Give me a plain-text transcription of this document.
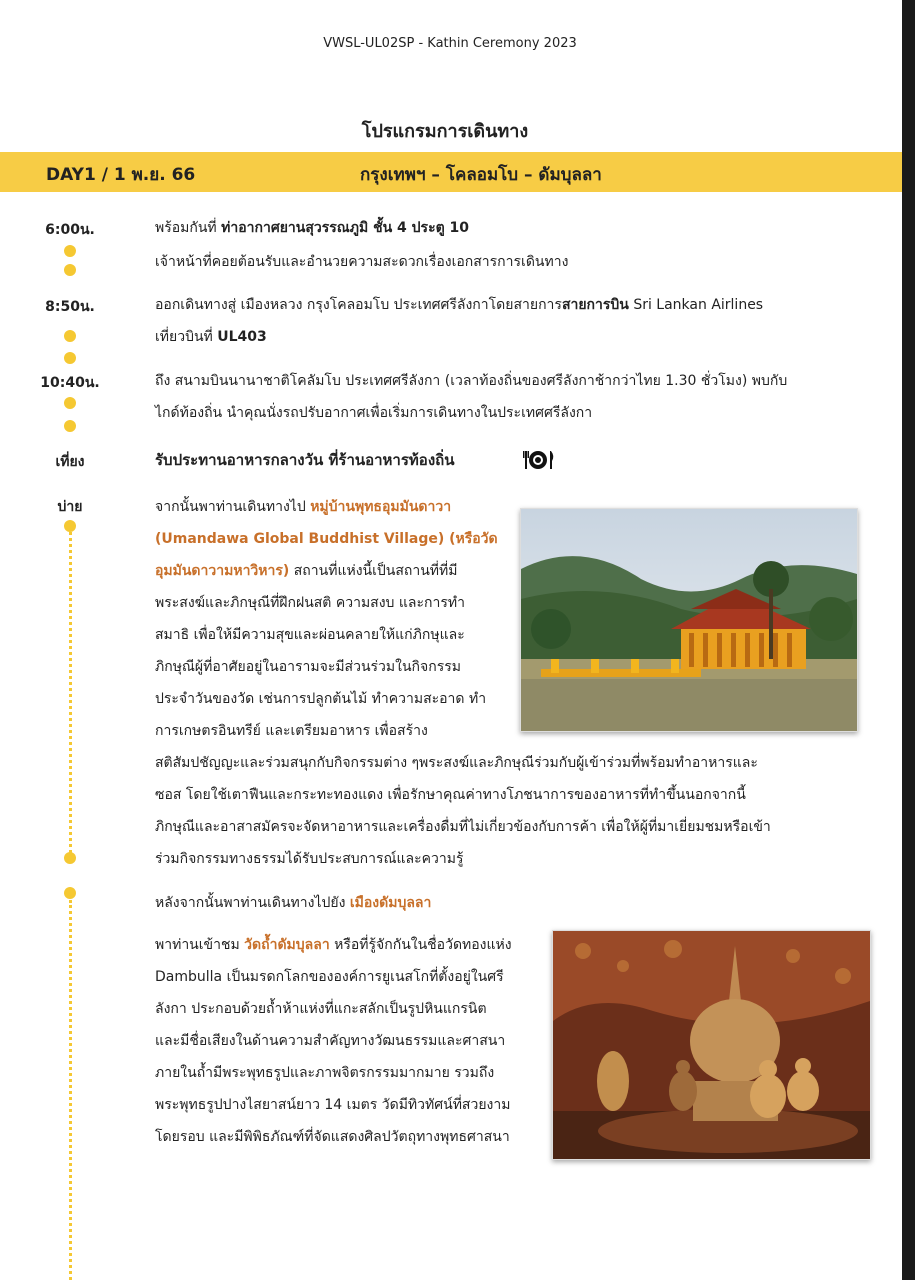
VWSL-UL02SP - Kathin Ceremony 2023
โปรแกรมการเดินทาง
DAY1 / 1 พ.ย. 66	กรุงเทพฯ – โคลอมโบ – ดัมบุลลา
6:00น.	พร้อมกันที่ ท่าอากาศยานสุวรรณภูมิ ชั้น 4 ประตู 10
เจ้าหน้าที่คอยต้อนรับและอำนวยความสะดวกเรื่องเอกสารการเดินทาง
8:50น.	ออกเดินทางสู่ เมืองหลวง กรุงโคลอมโบ ประเทศศรีลังกาโดยสายการสายการบิน Sri Lankan Airlines
เที่ยวบินที่ UL403
10:40น.	ถึง สนามบินนานาชาติโคลัมโบ ประเทศศรีลังกา (เวลาท้องถิ่นของศรีลังกาช้ากว่าไทย 1.30 ชั่วโมง) พบกับ
ไกด์ท้องถิ่น นำคุณนั่งรถปรับอากาศเพื่อเริ่มการเดินทางในประเทศศรีลังกา
เที่ยง	รับประทานอาหารกลางวัน ที่ร้านอาหารท้องถิ่น
บ่าย	จากนั้นพาท่านเดินทางไป หมู่บ้านพุทธอุมมันดาวา
(Umandawa Global Buddhist Village) (หรือวัด
อุมมันดาวามหาวิหาร) สถานที่แห่งนี้เป็นสถานที่ที่มี
พระสงฆ์และภิกษุณีที่ฝึกฝนสติ ความสงบ และการทำ
สมาธิ เพื่อให้มีความสุขและผ่อนคลายให้แก่ภิกษุและ
ภิกษุณีผู้ที่อาศัยอยู่ในอารามจะมีส่วนร่วมในกิจกรรม
ประจำวันของวัด เช่นการปลูกต้นไม้ ทำความสะอาด ทำ
การเกษตรอินทรีย์ และเตรียมอาหาร เพื่อสร้าง
สติสัมปชัญญะและร่วมสนุกกับกิจกรรมต่าง ๆพระสงฆ์และภิกษุณีร่วมกับผู้เข้าร่วมที่พร้อมทำอาหารและ
ซอส โดยใช้เตาฟืนและกระทะทองแดง เพื่อรักษาคุณค่าทางโภชนาการของอาหารที่ทำขึ้นนอกจากนี้
ภิกษุณีและอาสาสมัครจะจัดหาอาหารและเครื่องดื่มที่ไม่เกี่ยวข้องกับการค้า เพื่อให้ผู้ที่มาเยี่ยมชมหรือเข้า
ร่วมกิจกรรมทางธรรมได้รับประสบการณ์และความรู้
หลังจากนั้นพาท่านเดินทางไปยัง เมืองดัมบุลลา
พาท่านเข้าชม วัดถ้ำดัมบุลลา หรือที่รู้จักกันในชื่อวัดทองแห่ง
Dambulla เป็นมรดกโลกขององค์การยูเนสโกที่ตั้งอยู่ในศรี
ลังกา ประกอบด้วยถ้ำห้าแห่งที่แกะสลักเป็นรูปหินแกรนิต
และมีชื่อเสียงในด้านความสำคัญทางวัฒนธรรมและศาสนา
ภายในถ้ำมีพระพุทธรูปและภาพจิตรกรรมมากมาย รวมถึง
พระพุทธรูปปางไสยาสน์ยาว 14 เมตร วัดมีทิวทัศน์ที่สวยงาม
โดยรอบ และมีพิพิธภัณฑ์ที่จัดแสดงศิลปวัตถุทางพุทธศาสนา
